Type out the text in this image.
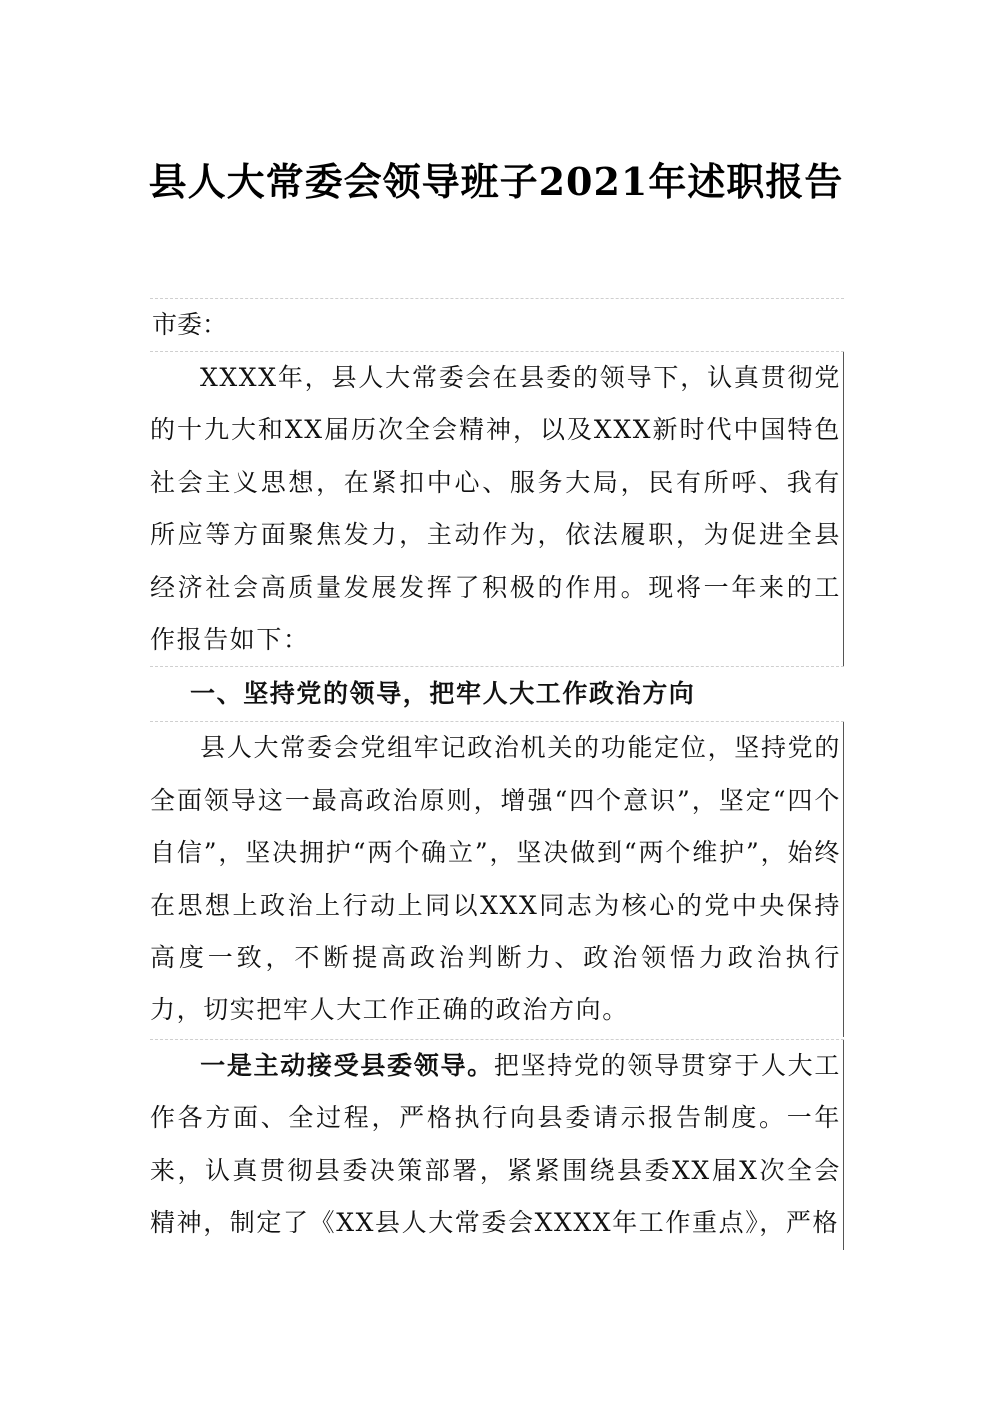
县人大常委会领导班子2021年述职报告
市委：
XXXX年，县人大常委会在县委的领导下，认真贯彻党的十九大和XX届历次全会精神，以及XXX新时代中国特色社会主义思想，在紧扣中心、服务大局，民有所呼、我有所应等方面聚焦发力，主动作为，依法履职，为促进全县经济社会高质量发展发挥了积极的作用。现将一年来的工作报告如下：
一、坚持党的领导，把牢人大工作政治方向
县人大常委会党组牢记政治机关的功能定位，坚持党的全面领导这一最高政治原则，增强“四个意识”，坚定“四个自信”，坚决拥护“两个确立”，坚决做到“两个维护”，始终在思想上政治上行动上同以XXX同志为核心的党中央保持高度一致，不断提高政治判断力、政治领悟力政治执行力，切实把牢人大工作正确的政治方向。
一是主动接受县委领导。把坚持党的领导贯穿于人大工作各方面、全过程，严格执行向县委请示报告制度。一年来，认真贯彻县委决策部署，紧紧围绕县委XX届X次全会精神，制定了《XX县人大常委会XXXX年工作重点》，严格
